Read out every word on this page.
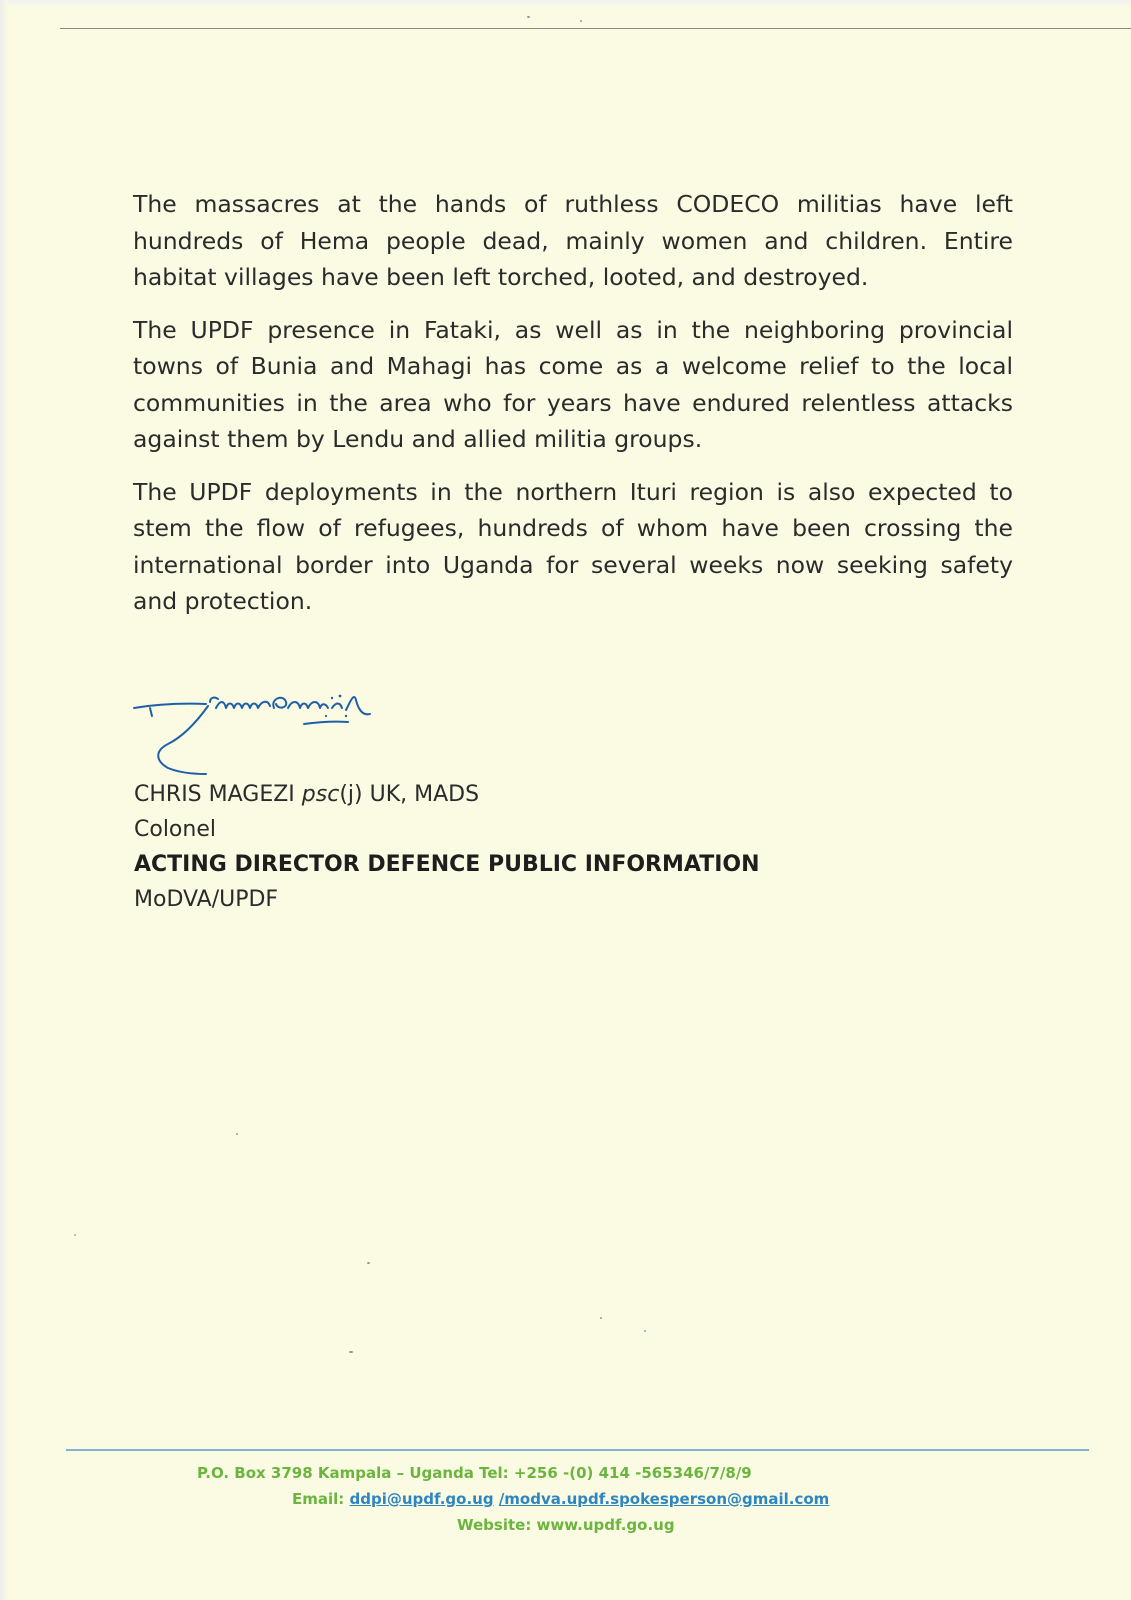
The massacres at the hands of ruthless CODECO militias have left hundreds of Hema people dead, mainly women and children. Entire habitat villages have been left torched, looted, and destroyed.

The UPDF presence in Fataki, as well as in the neighboring provincial towns of Bunia and Mahagi has come as a welcome relief to the local communities in the area who for years have endured relentless attacks against them by Lendu and allied militia groups.

The UPDF deployments in the northern Ituri region is also expected to stem the flow of refugees, hundreds of whom have been crossing the international border into Uganda for several weeks now seeking safety and protection.

CHRIS MAGEZI psc(j) UK, MADS
Colonel
ACTING DIRECTOR DEFENCE PUBLIC INFORMATION
MoDVA/UPDF
P.O. Box 3798 Kampala – Uganda Tel: +256 -(0) 414 -565346/7/8/9
Email: ddpi@updf.go.ug /modva.updf.spokesperson@gmail.com
Website: www.updf.go.ug
